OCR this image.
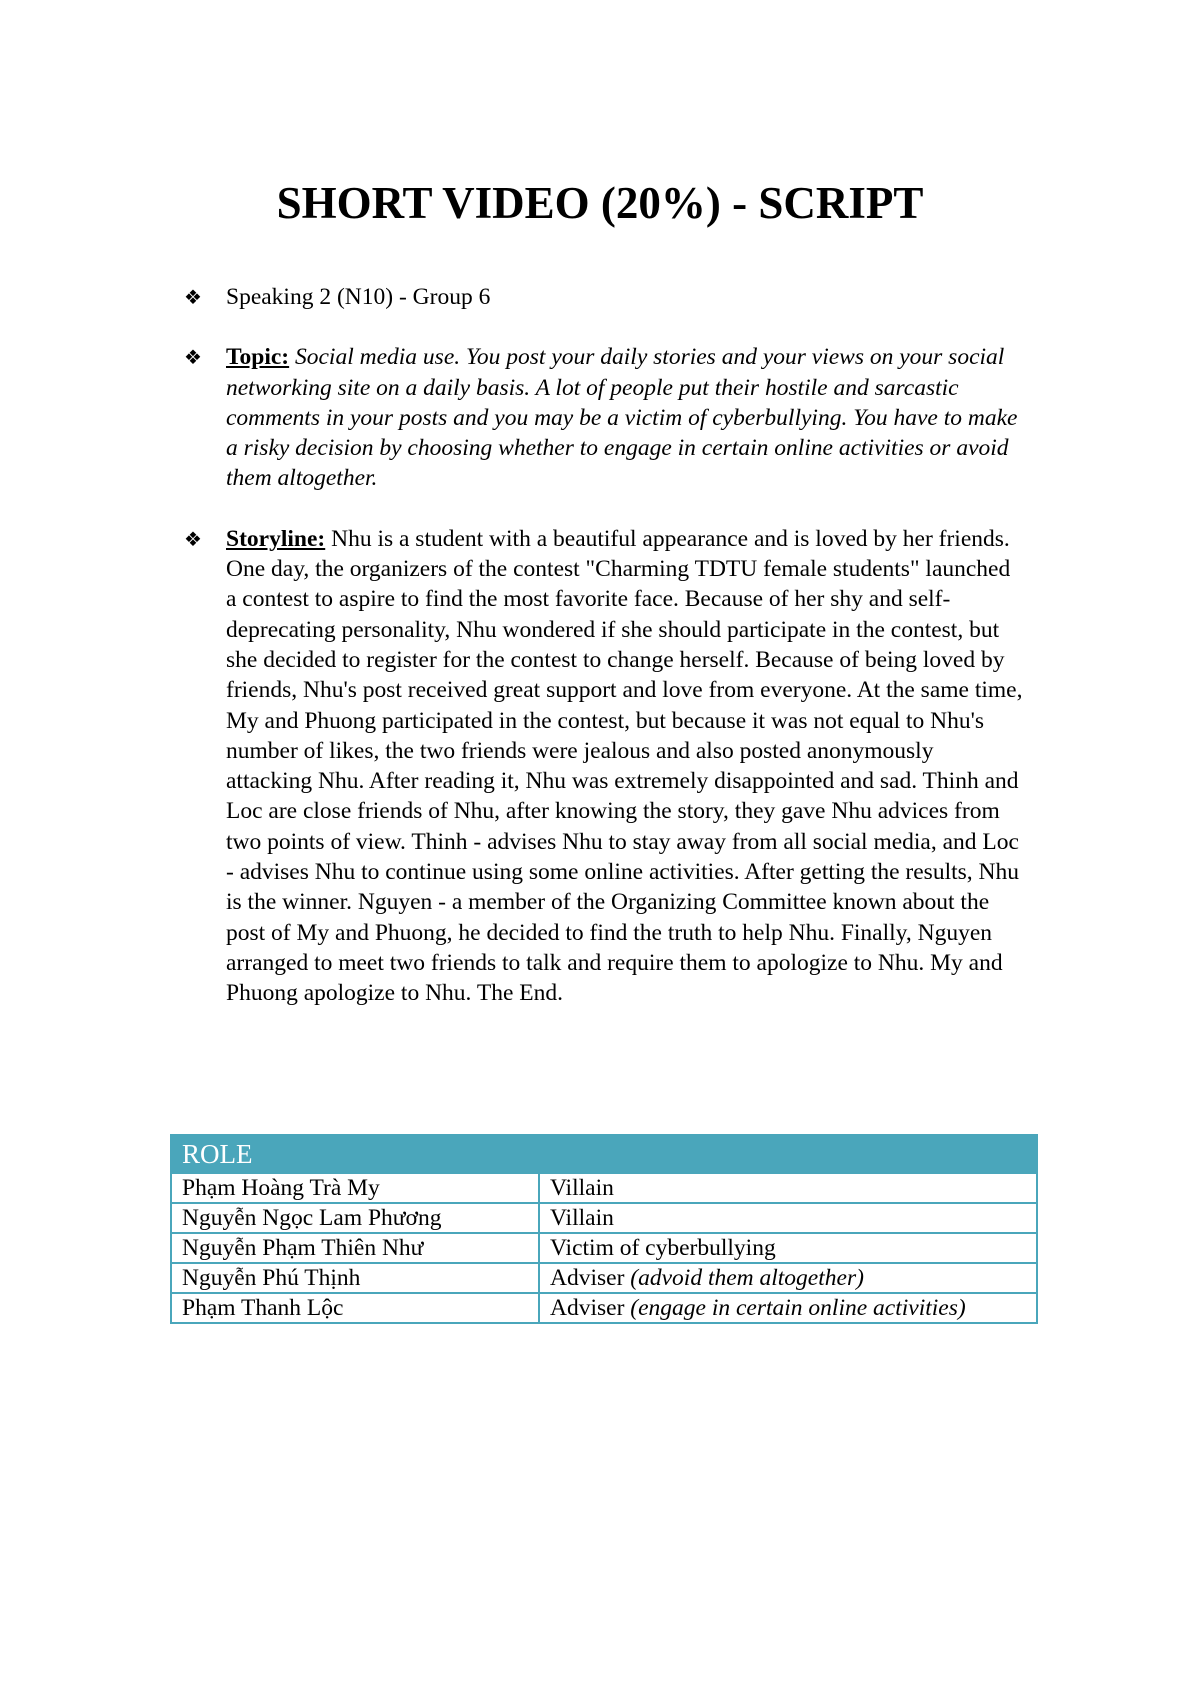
SHORT VIDEO (20%) - SCRIPT
❖ Speaking 2 (N10) - Group 6
❖ Topic: Social media use. You post your daily stories and your views on your social networking site on a daily basis. A lot of people put their hostile and sarcastic comments in your posts and you may be a victim of cyberbullying. You have to make a risky decision by choosing whether to engage in certain online activities or avoid them altogether.
❖ Storyline: Nhu is a student with a beautiful appearance and is loved by her friends. One day, the organizers of the contest "Charming TDTU female students" launched a contest to aspire to find the most favorite face. Because of her shy and self-deprecating personality, Nhu wondered if she should participate in the contest, but she decided to register for the contest to change herself. Because of being loved by friends, Nhu's post received great support and love from everyone. At the same time, My and Phuong participated in the contest, but because it was not equal to Nhu's number of likes, the two friends were jealous and also posted anonymously attacking Nhu. After reading it, Nhu was extremely disappointed and sad. Thinh and Loc are close friends of Nhu, after knowing the story, they gave Nhu advices from two points of view. Thinh - advises Nhu to stay away from all social media, and Loc - advises Nhu to continue using some online activities. After getting the results, Nhu is the winner. Nguyen - a member of the Organizing Committee known about the post of My and Phuong, he decided to find the truth to help Nhu. Finally, Nguyen arranged to meet two friends to talk and require them to apologize to Nhu. My and Phuong apologize to Nhu. The End.
ROLE	
Phạm Hoàng Trà My	Villain
Nguyễn Ngọc Lam Phương	Villain
Nguyễn Phạm Thiên Như	Victim of cyberbullying
Nguyễn Phú Thịnh	Adviser (advoid them altogether)
Phạm Thanh Lộc	Adviser (engage in certain online activities)
